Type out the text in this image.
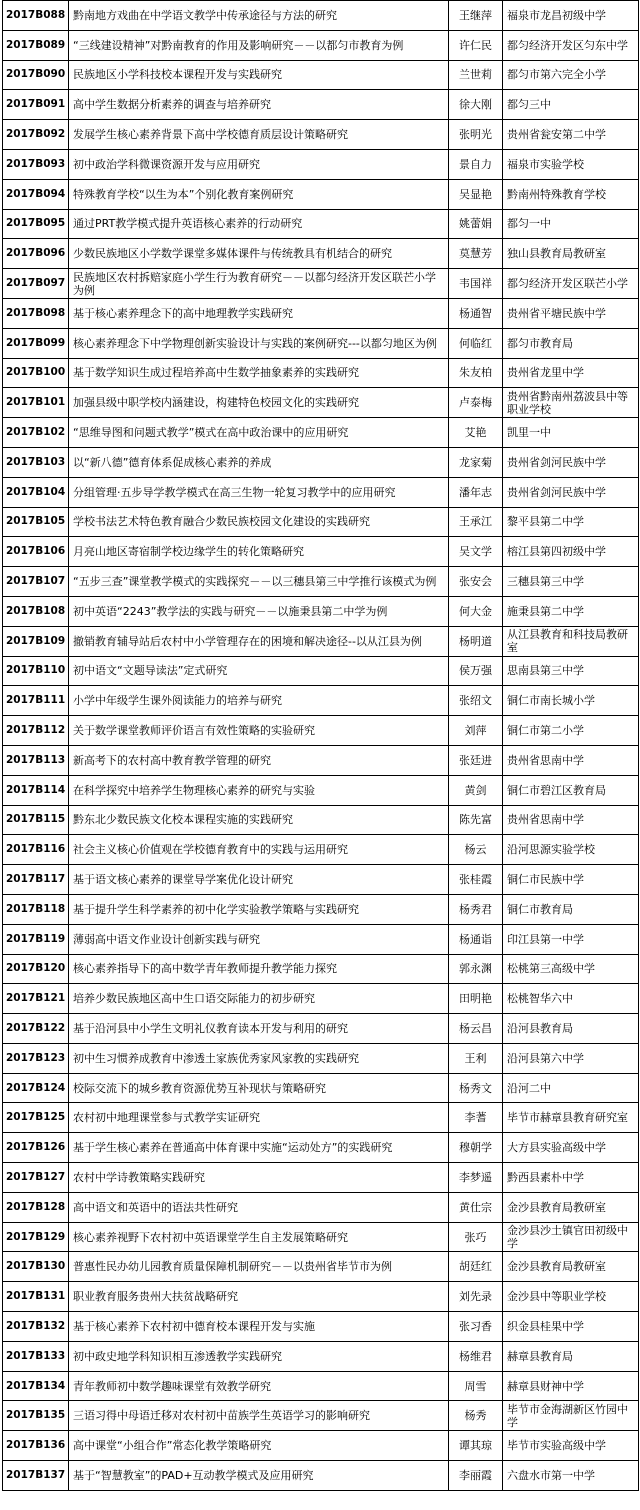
2017B088	黔南地方戏曲在中学语文教学中传承途径与方法的研究	王继萍	福泉市龙昌初级中学
2017B089	“三线建设精神”对黔南教育的作用及影响研究－－以都匀市教育为例	许仁民	都匀经济开发区匀东中学
2017B090	民族地区小学科技校本课程开发与实践研究	兰世莉	都匀市第六完全小学
2017B091	高中学生数据分析素养的调查与培养研究	徐大刚	都匀三中
2017B092	发展学生核心素养背景下高中学校德育质层设计策略研究	张明光	贵州省瓮安第二中学
2017B093	初中政治学科微课资源开发与应用研究	景自力	福泉市实验学校
2017B094	特殊教育学校“以生为本”个别化教育案例研究	吴显艳	黔南州特殊教育学校
2017B095	通过PRT教学模式提升英语核心素养的行动研究	姚蕾娟	都匀一中
2017B096	少数民族地区小学数学课堂多媒体课件与传统教具有机结合的研究	莫慧芳	独山县教育局教研室
2017B097	民族地区农村拆赔家庭小学生行为教育研究－－以都匀经济开发区联芒小学为例	韦国祥	都匀经济开发区联芒小学
2017B098	基于核心素养理念下的高中地理教学实践研究	杨通智	贵州省平塘民族中学
2017B099	核心素养理念下中学物理创新实验设计与实践的案例研究---以都匀地区为例	何临红	都匀市教育局
2017B100	基于数学知识生成过程培养高中生数学抽象素养的实践研究	朱友柏	贵州省龙里中学
2017B101	加强县级中职学校内涵建设，构建特色校园文化的实践研究	卢泰梅	贵州省黔南州荔波县中等职业学校
2017B102	“思维导图和问题式教学”模式在高中政治课中的应用研究	艾艳	凯里一中
2017B103	以“新八德”德育体系促成核心素养的养成	龙家菊	贵州省剑河民族中学
2017B104	分组管理·五步导学教学模式在高三生物一轮复习教学中的应用研究	潘年志	贵州省剑河民族中学
2017B105	学校书法艺术特色教育融合少数民族校园文化建设的实践研究	王承江	黎平县第二中学
2017B106	月亮山地区寄宿制学校边缘学生的转化策略研究	吴文学	榕江县第四初级中学
2017B107	“五步三查”课堂教学模式的实践探究－－以三穗县第三中学推行该模式为例	张安会	三穗县第三中学
2017B108	初中英语“2243”教学法的实践与研究－－以施秉县第二中学为例	何大金	施秉县第二中学
2017B109	撤销教育辅导站后农村中小学管理存在的困境和解决途径--以从江县为例	杨明道	从江县教育和科技局教研室
2017B110	初中语文“文题导读法”定式研究	侯万强	思南县第三中学
2017B111	小学中年级学生课外阅读能力的培养与研究	张绍文	铜仁市南长城小学
2017B112	关于数学课堂教师评价语言有效性策略的实验研究	刘萍	铜仁市第二小学
2017B113	新高考下的农村高中教育教学管理的研究	张廷进	贵州省思南中学
2017B114	在科学探究中培养学生物理核心素养的研究与实验	黄剑	铜仁市碧江区教育局
2017B115	黔东北少数民族文化校本课程实施的实践研究	陈先富	贵州省思南中学
2017B116	社会主义核心价值观在学校德育教育中的实践与运用研究	杨云	沿河思源实验学校
2017B117	基于语文核心素养的课堂导学案优化设计研究	张桂霞	铜仁市民族中学
2017B118	基于提升学生科学素养的初中化学实验教学策略与实践研究	杨秀君	铜仁市教育局
2017B119	薄弱高中语文作业设计创新实践与研究	杨通诣	印江县第一中学
2017B120	核心素养指导下的高中数学青年教师提升教学能力探究	郭永渊	松桃第三高级中学
2017B121	培养少数民族地区高中生口语交际能力的初步研究	田明艳	松桃智华六中
2017B122	基于沿河县中小学生文明礼仪教育读本开发与利用的研究	杨云昌	沿河县教育局
2017B123	初中生习惯养成教育中渗透土家族优秀家风家教的实践研究	王利	沿河县第六中学
2017B124	校际交流下的城乡教育资源优势互补现状与策略研究	杨秀文	沿河二中
2017B125	农村初中地理课堂参与式教学实证研究	李蓍	毕节市赫章县教育研究室
2017B126	基于学生核心素养在普通高中体育课中实施“运动处方”的实践研究	穆朝学	大方县实验高级中学
2017B127	农村中学诗教策略实践研究	李梦遥	黔西县素朴中学
2017B128	高中语文和英语中的语法共性研究	黄仕宗	金沙县教育局教研室
2017B129	核心素养视野下农村初中英语课堂学生自主发展策略研究	张巧	金沙县沙土镇官田初级中学
2017B130	普惠性民办幼儿园教育质量保障机制研究－－以贵州省毕节市为例	胡廷红	金沙县教育局教研室
2017B131	职业教育服务贵州大扶贫战略研究	刘先录	金沙县中等职业学校
2017B132	基于核心素养下农村初中德育校本课程开发与实施	张习香	织金县桂果中学
2017B133	初中政史地学科知识相互渗透教学实践研究	杨维君	赫章县教育局
2017B134	青年教师初中数学趣味课堂有效教学研究	周雪	赫章县财神中学
2017B135	三语习得中母语迁移对农村初中苗族学生英语学习的影响研究	杨秀	毕节市金海湖新区竹园中学
2017B136	高中课堂“小组合作”常态化教学策略研究	谭其琼	毕节市实验高级中学
2017B137	基于“智慧教室”的PAD+互动教学模式及应用研究	李丽霞	六盘水市第一中学
